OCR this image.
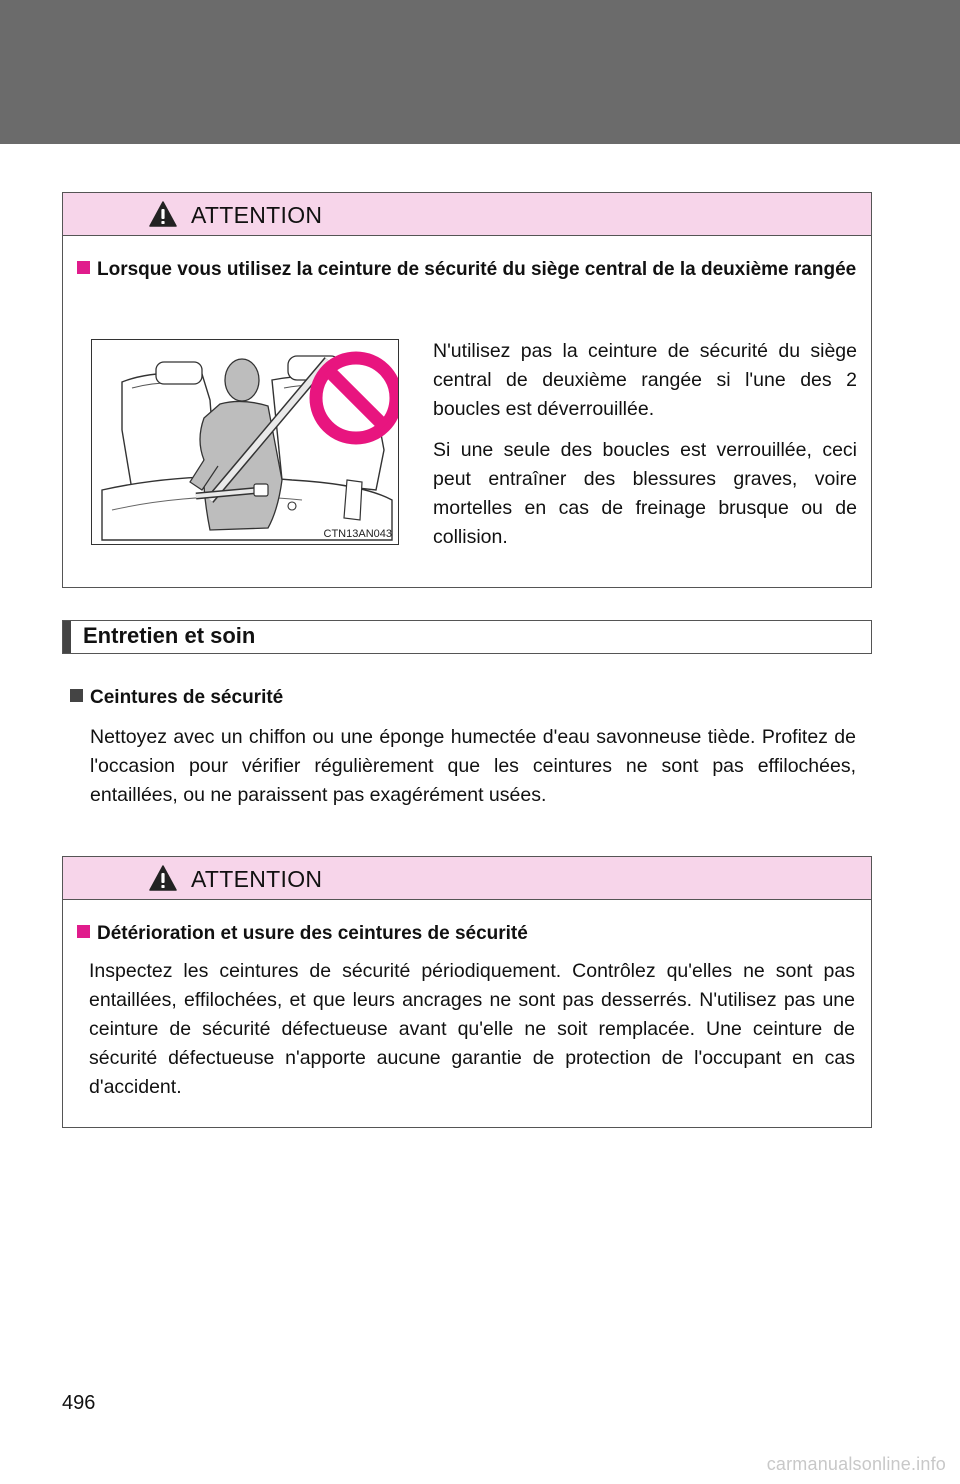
ATTENTION
Lorsque vous utilisez la ceinture de sécurité du siège central de la deuxième rangée
CTN13AN043

N'utilisez pas la ceinture de sécurité du siège central de deuxième rangée si l'une des 2 boucles est déverrouillée.

Si une seule des boucles est verrouillée, ceci peut entraîner des blessures graves, voire mortelles en cas de freinage brusque ou de collision.

Entretien et soin
Ceintures de sécurité
Nettoyez avec un chiffon ou une éponge humectée d'eau savonneuse tiède. Profitez de l'occasion pour vérifier régulièrement que les ceintures ne sont pas effilochées, entaillées, ou ne paraissent pas exagérément usées.
ATTENTION
Détérioration et usure des ceintures de sécurité
Inspectez les ceintures de sécurité périodiquement. Contrôlez qu'elles ne sont pas entaillées, effilochées, et que leurs ancrages ne sont pas desserrés. N'utilisez pas une ceinture de sécurité défectueuse avant qu'elle ne soit remplacée. Une ceinture de sécurité défectueuse n'apporte aucune garantie de protection de l'occupant en cas d'accident.
496
carmanualsonline.info
